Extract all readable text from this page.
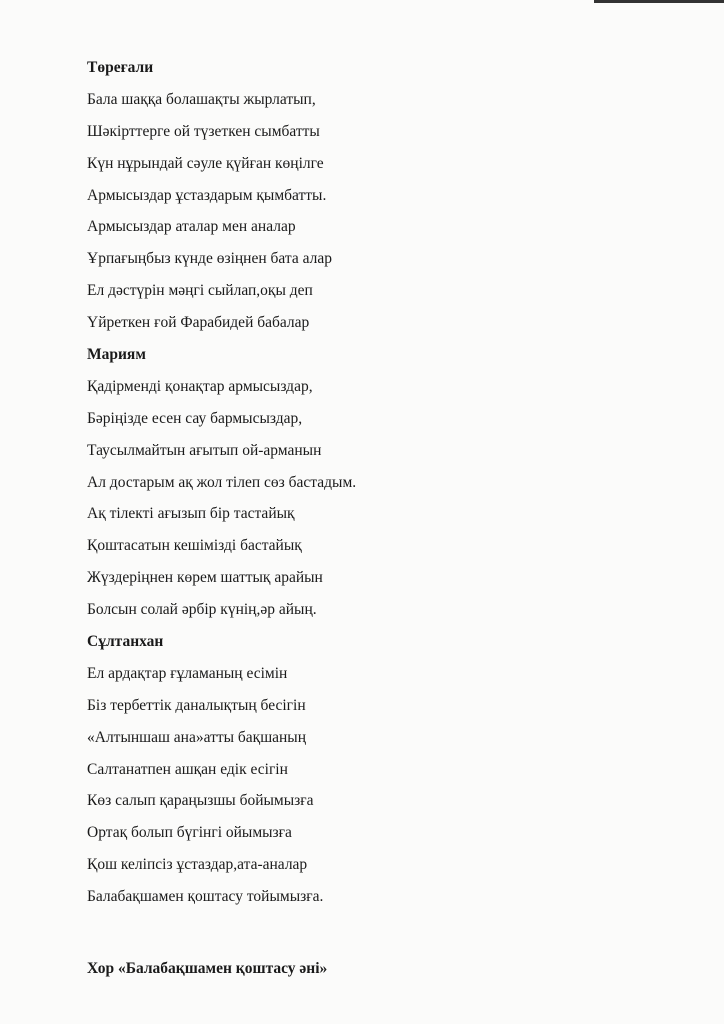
Төреғали
Бала шаққа болашақты жырлатып,
Шәкірттерге ой түзеткен сымбатты
Күн нұрындай сәуле қүйған көңілге
Армысыздар ұстаздарым қымбатты.
Армысыздар аталар мен аналар
Ұрпағыңбыз күнде өзіңнен бата алар
Ел дәстүрін мәңгі сыйлап,оқы деп
Үйреткен ғой Фарабидей бабалар
Мариям
Қадірменді қонақтар армысыздар,
Бәріңізде есен сау бармысыздар,
Таусылмайтын ағытып ой-арманын
Ал достарым ақ жол тілеп сөз бастадым.
Ақ тілекті ағызып бір тастайық
Қоштасатын кешімізді бастайық
Жүздеріңнен көрем шаттық арайын
Болсын солай әрбір күнің,әр айың.
Сұлтанхан
Ел ардақтар ғұламаның есімін
Біз тербеттік даналықтың бесігін
«Алтыншаш ана»атты бақшаның
Салтанатпен ашқан едік есігін
Көз салып қараңызшы бойымызға
Ортақ болып бүгінгі ойымызға
Қош келіпсіз ұстаздар,ата-аналар
Балабақшамен қоштасу тойымызға.
Хор «Балабақшамен қоштасу әні»
